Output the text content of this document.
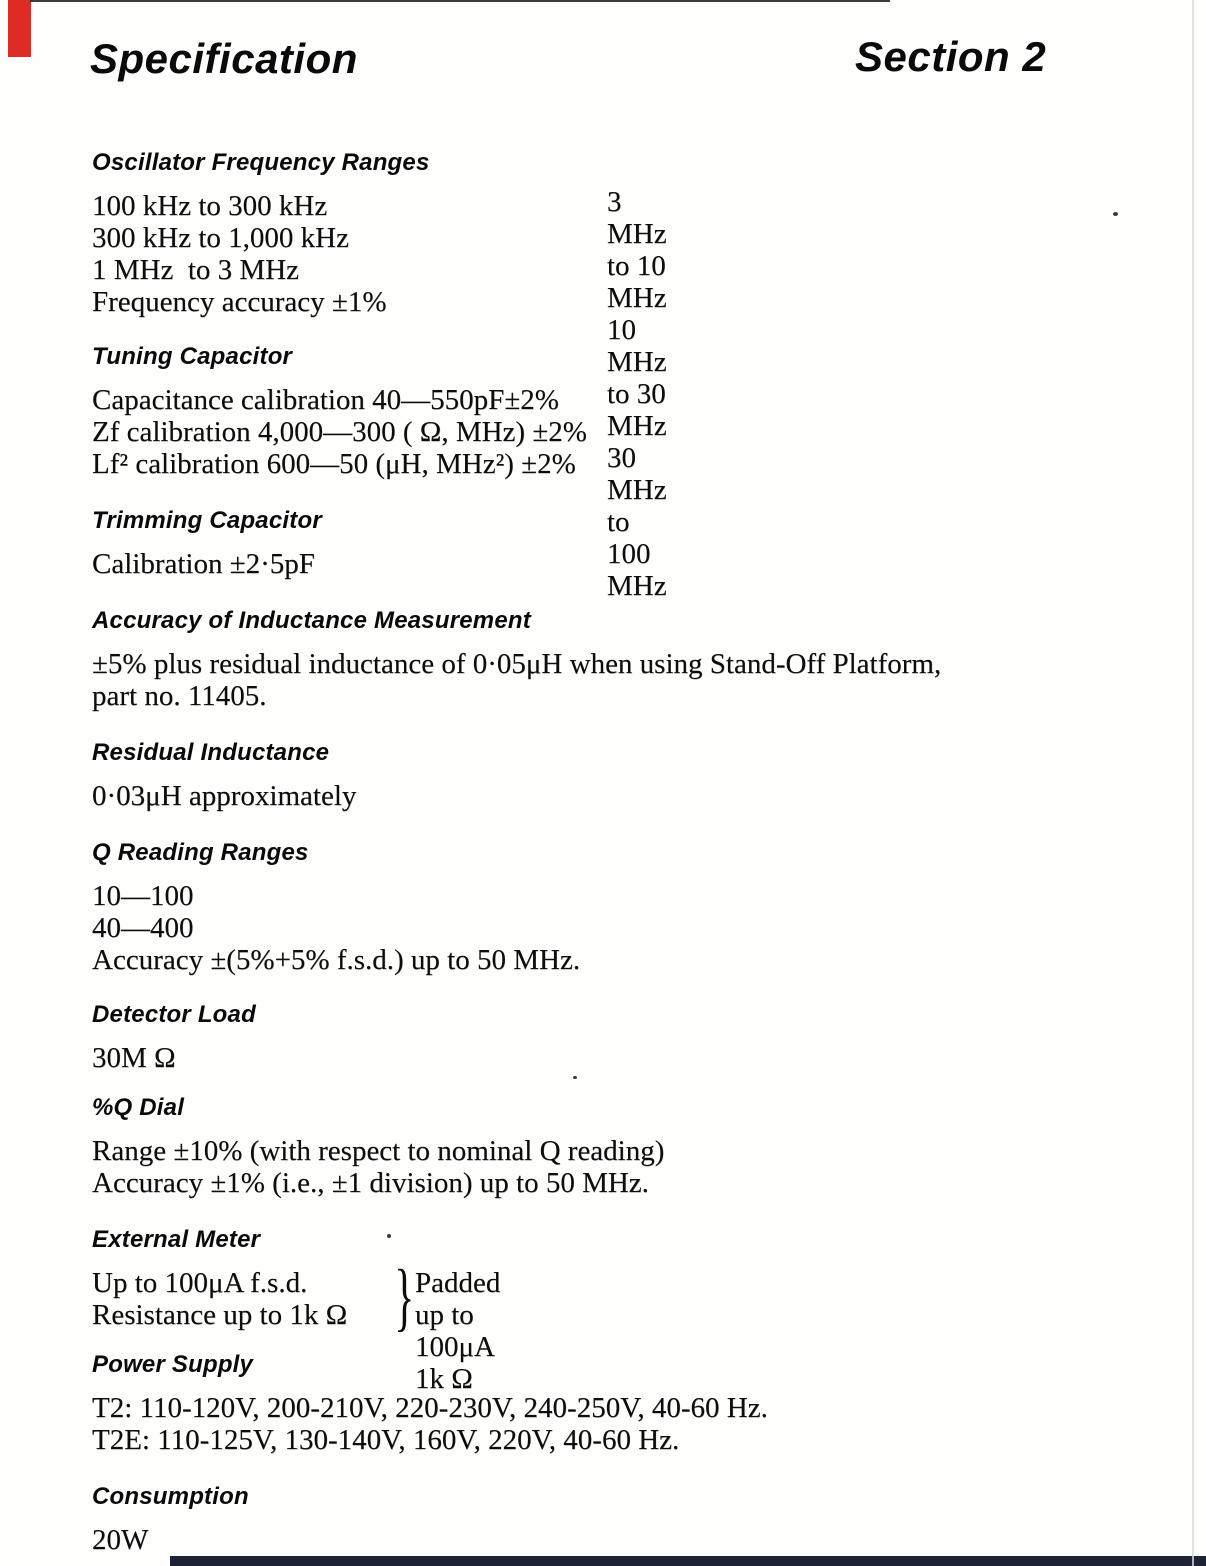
Specification	Section 2
Oscillator Frequency Ranges
100 kHz to 300 kHz
300 kHz to 1,000 kHz
1 MHz  to 3 MHz
Frequency accuracy ±1%
3 MHz  to 10 MHz
10 MHz to 30 MHz
30 MHz to 100 MHz
Tuning Capacitor
Capacitance calibration 40—550pF±2%
Zf calibration 4,000—300 ( Ω, MHz) ±2%
Lf² calibration 600—50 (μH, MHz²) ±2%
Trimming Capacitor
Calibration ±2·5pF
Accuracy of Inductance Measurement
±5% plus residual inductance of 0·05μH when using Stand-Off Platform,
part no. 11405.
Residual Inductance
0·03μH approximately
Q Reading Ranges
10—100
40—400
Accuracy ±(5%+5% f.s.d.) up to 50 MHz.
Detector Load
30M Ω
%Q Dial
Range ±10% (with respect to nominal Q reading)
Accuracy ±1% (i.e., ±1 division) up to 50 MHz.
External Meter
Up to 100μA f.s.d.
Resistance up to 1k Ω } Padded up to
100μA 1k Ω
Power Supply
T2: 110-120V, 200-210V, 220-230V, 240-250V, 40-60 Hz.
T2E: 110-125V, 130-140V, 160V, 220V, 40-60 Hz.
Consumption
20W
